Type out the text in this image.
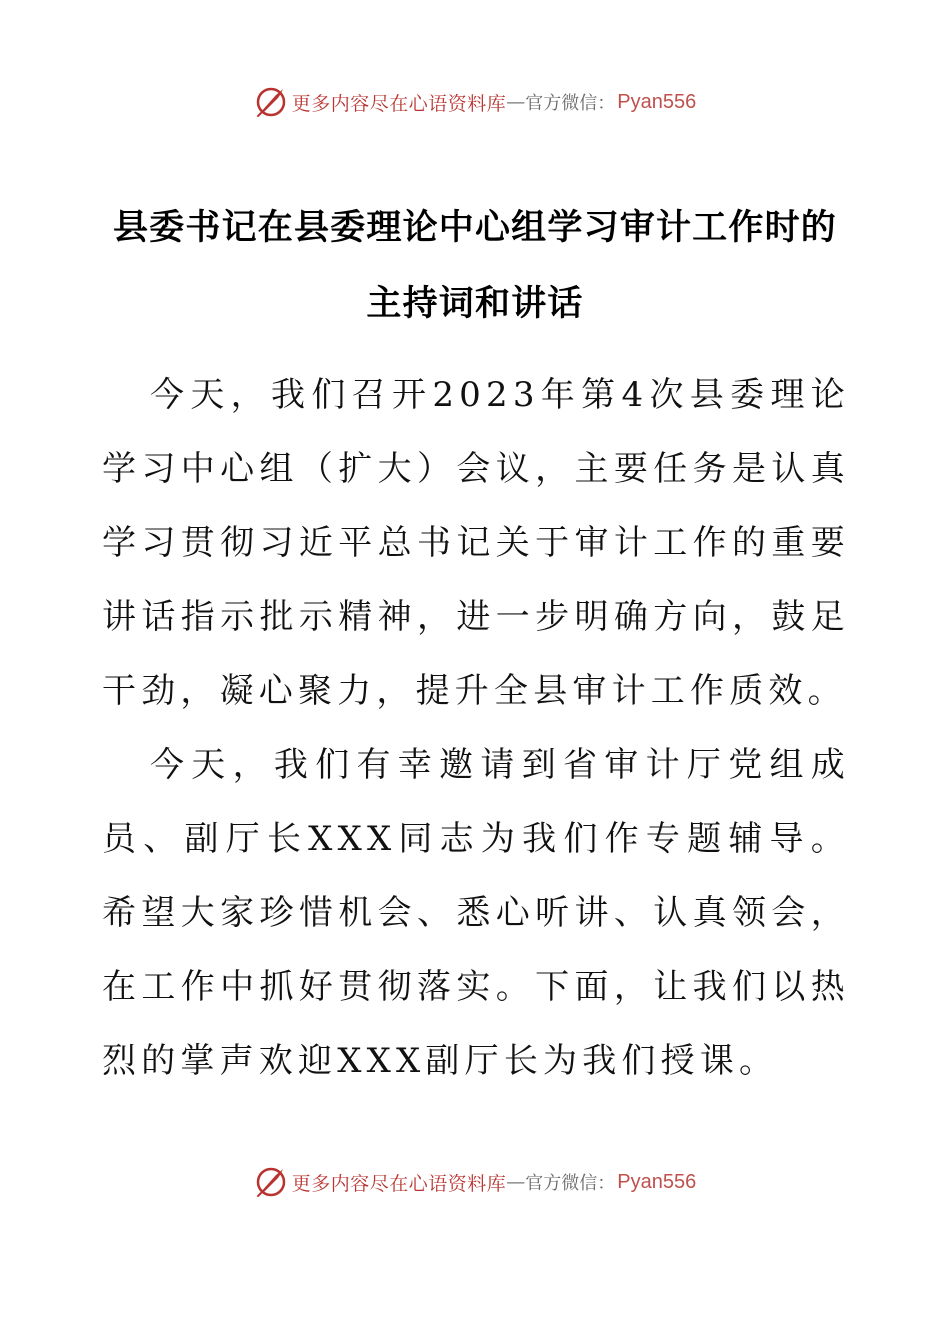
更多内容尽在心语资料库 — 官方微信： Pyan556
县委书记在县委理论中心组学习审计工作时的主持词和讲话

今天，我们召开2023年第4次县委理论学习中心组（扩大）会议，主要任务是认真学习贯彻习近平总书记关于审计工作的重要讲话指示批示精神，进一步明确方向，鼓足干劲，凝心聚力，提升全县审计工作质效。

今天，我们有幸邀请到省审计厅党组成员、副厅长XXX同志为我们作专题辅导。希望大家珍惜机会、悉心听讲、认真领会，在工作中抓好贯彻落实。下面，让我们以热烈的掌声欢迎XXX副厅长为我们授课。

更多内容尽在心语资料库 — 官方微信： Pyan556
